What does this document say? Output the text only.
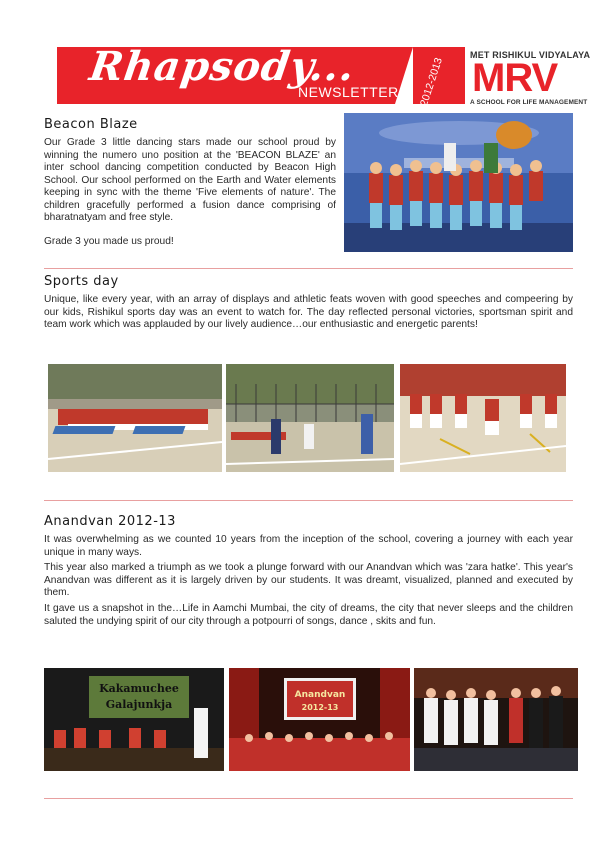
Rhapsody...
NEWSLETTER 2012-2013
MET RISHIKUL VIDYALAYA
MRV
A SCHOOL FOR LIFE MANAGEMENT
Beacon Blaze
Our Grade 3 little dancing stars made our school proud by winning the numero uno position at the 'BEACON BLAZE' an inter school dancing competition conducted by Beacon High School. Our school performed on the Earth and Water elements keeping in sync with the theme 'Five elements of nature'. The children gracefully performed a fusion dance comprising of bharatnatyam and free style.
Grade 3 you made us proud!
Sports day
Unique, like every year, with an array of displays and athletic feats woven with good speeches and compeering by our kids, Rishikul sports day was an event to watch for. The day reflected personal victories, sportsman spirit and team work which was applauded by our lively audience…our enthusiastic and energetic parents!
Anandvan 2012-13
It was overwhelming as we counted 10 years from the inception of the school, covering a journey with each year unique in many ways.
This year also marked a triumph as we took a plunge forward with our Anandvan which was 'zara hatke'. This year's Anandvan was different as it is largely driven by our students. It was dreamt, visualized, planned and executed by them.
It gave us a snapshot in the…Life in Aamchi Mumbai, the city of dreams, the city that never sleeps and the children saluted the undying spirit of our city through a potpourri of songs, dance , skits and fun.
Kakamuchee
Galajunkja
Anandvan
2012-13
